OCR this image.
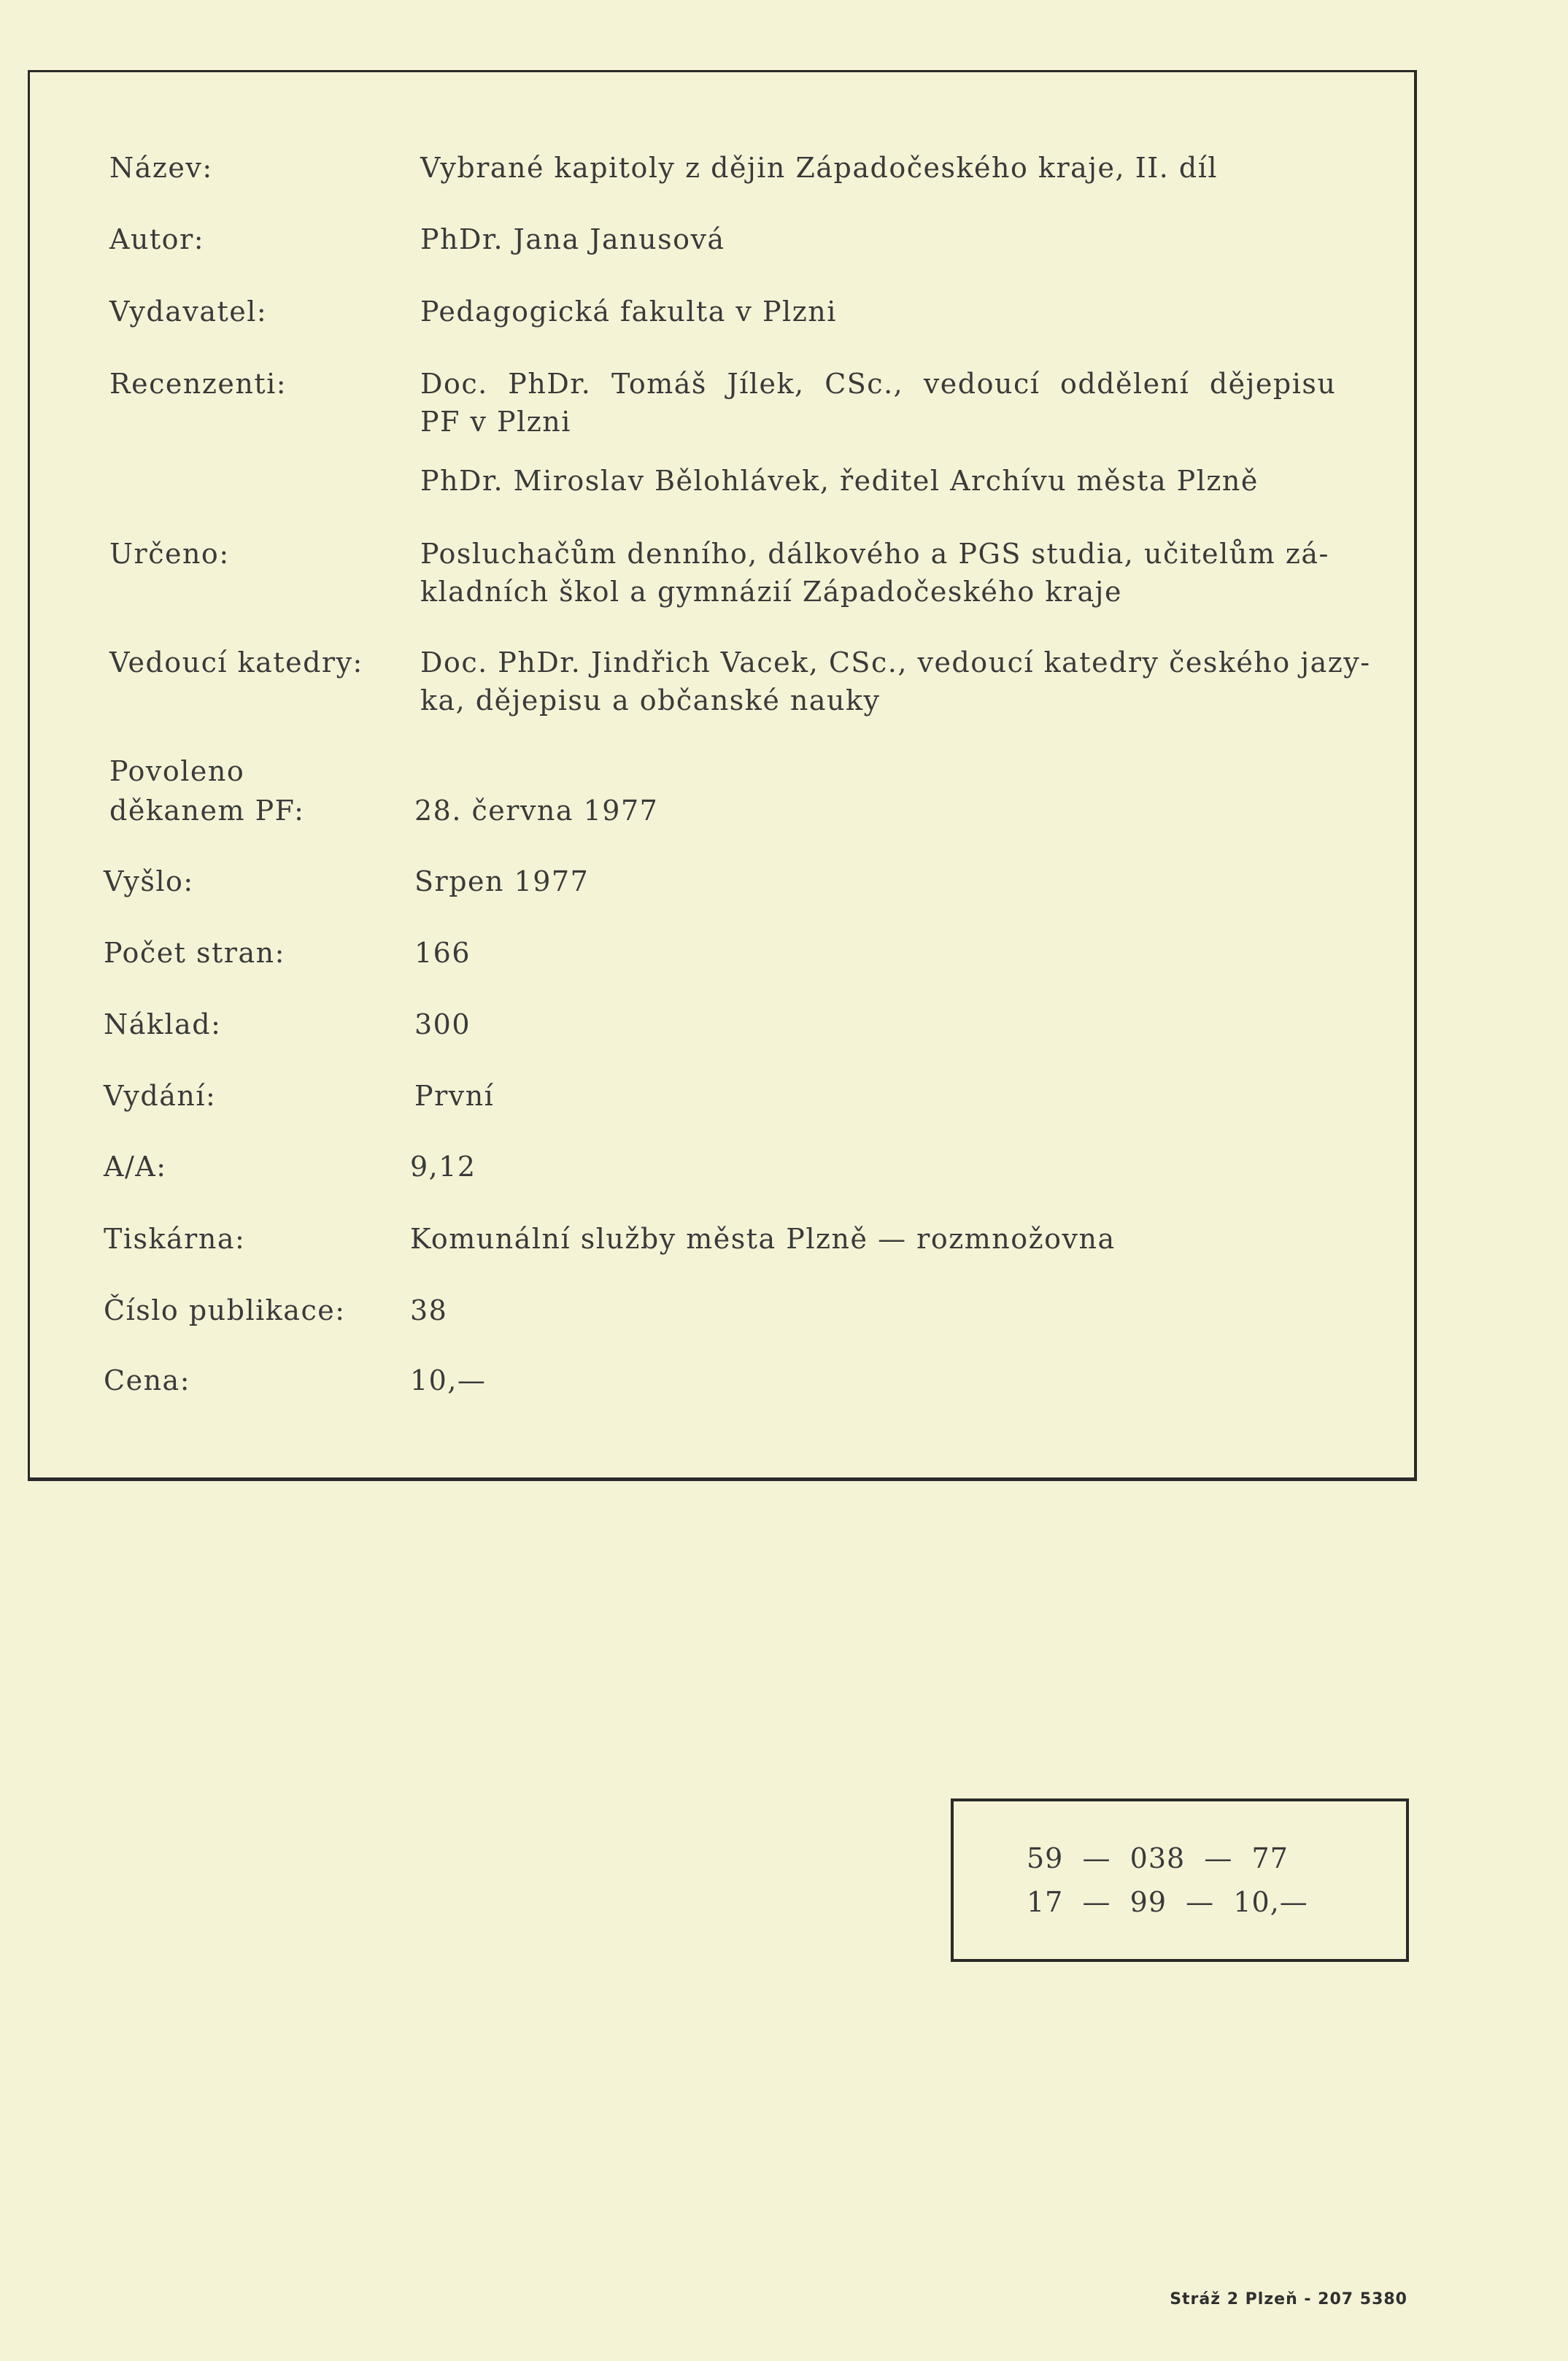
Název:	Vybrané kapitoly z dějin Západočeského kraje, II. díl
Autor:	PhDr. Jana Janusová
Vydavatel:	Pedagogická fakulta v Plzni
Recenzenti:	Doc. PhDr. Tomáš Jílek, CSc., vedoucí oddělení dějepisu
PF v Plzni
PhDr. Miroslav Bělohlávek, ředitel Archívu města Plzně
Určeno:	Posluchačům denního, dálkového a PGS studia, učitelům zá-
kladních škol a gymnázií Západočeského kraje
Vedoucí katedry: Doc. PhDr. Jindřich Vacek, CSc., vedoucí katedry českého jazy-
ka, dějepisu a občanské nauky
Povoleno
děkanem PF:	28. června 1977
Vyšlo:	Srpen 1977
Počet stran:	166
Náklad:	300
Vydání:	První
A/A:	9,12
Tiskárna:	Komunální služby města Plzně — rozmnožovna
Číslo publikace: 38
Cena:	10,—
59  —  038  —  77
17  —  99  —  10,—
Stráž 2 Plzeň - 207 5380
